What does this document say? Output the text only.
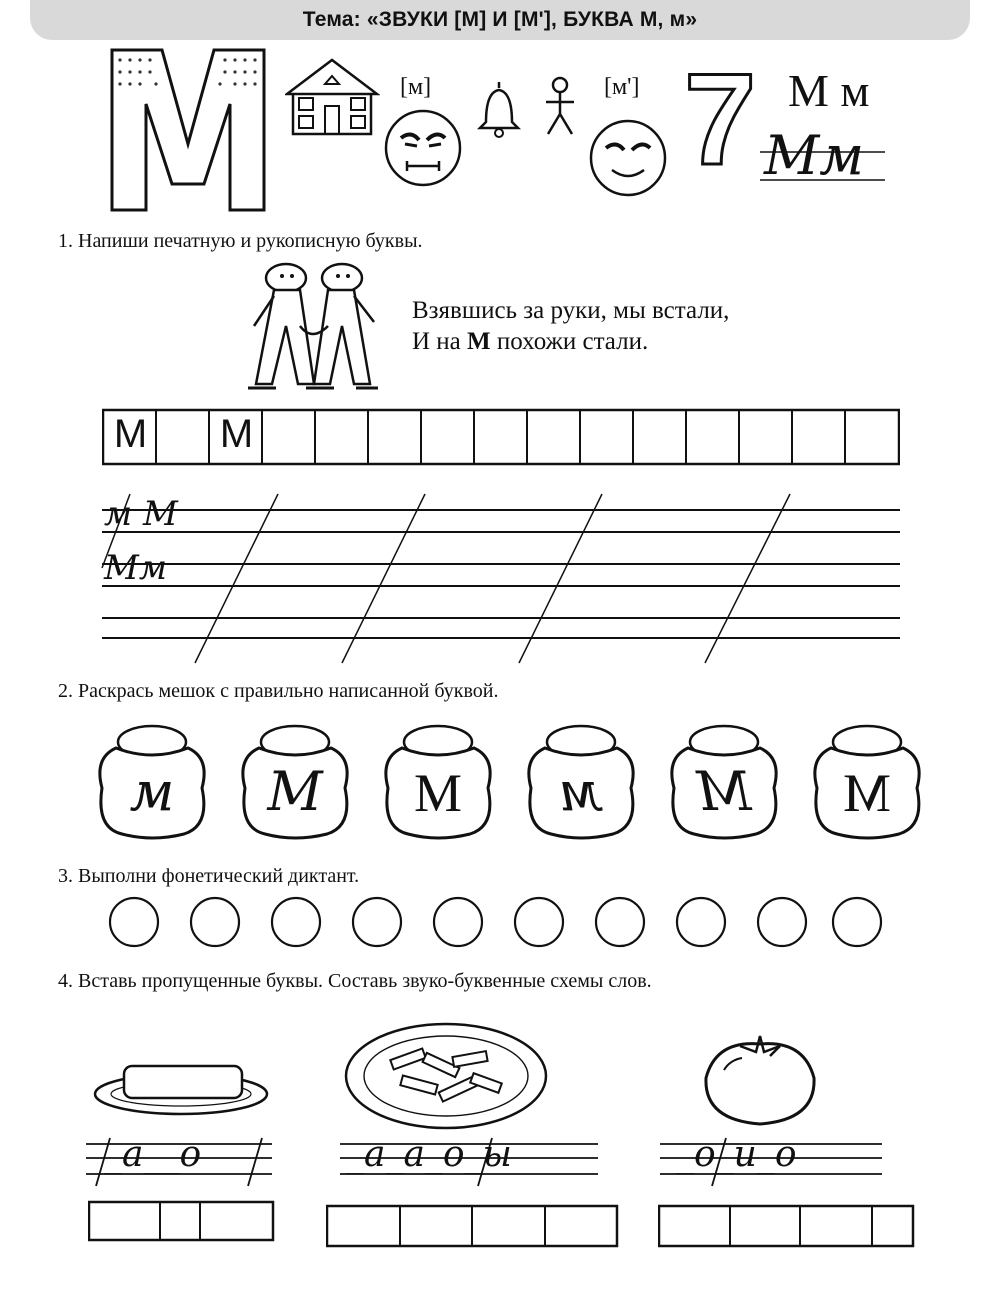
Тема: «ЗВУКИ [М] И [М'], БУКВА М, м»
[м]	[м'] 7 М м
Мм
1. Напиши печатную и рукописную буквы.
Взявшись за руки, мы встали,
И на М похожи стали.
М М
м М
Мм
2. Раскрась мешок с правильно написанной буквой.
м	М	М	м	М	М
3. Выполни фонетический диктант.
4. Вставь пропущенные буквы. Составь звуко-буквенные схемы слов.
_а__о	_а_а_о_ы	_о_и_о
